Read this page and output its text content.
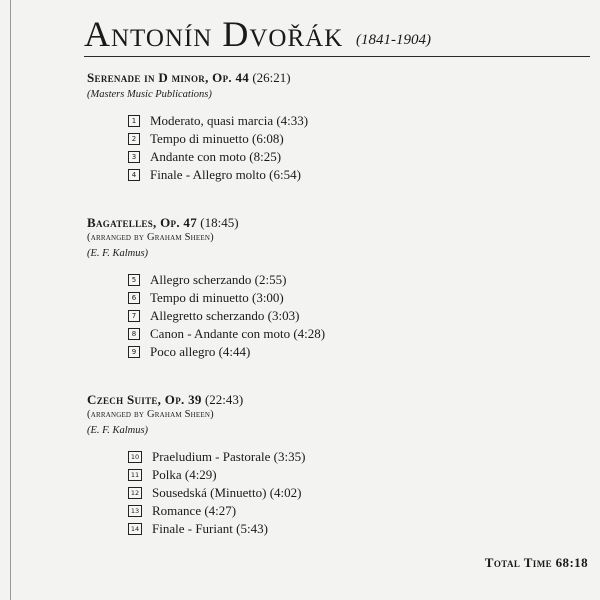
Antonín Dvořák (1841-1904)
Serenade in D minor, Op. 44 (26:21)
(Masters Music Publications)
1 Moderato, quasi marcia (4:33)
2 Tempo di minuetto (6:08)
3 Andante con moto (8:25)
4 Finale - Allegro molto (6:54)
Bagatelles, Op. 47 (18:45)
(arranged by Graham Sheen)
(E. F. Kalmus)
5 Allegro scherzando (2:55)
6 Tempo di minuetto (3:00)
7 Allegretto scherzando (3:03)
8 Canon - Andante con moto (4:28)
9 Poco allegro (4:44)
Czech Suite, Op. 39 (22:43)
(arranged by Graham Sheen)
(E. F. Kalmus)
10 Praeludium - Pastorale (3:35)
11 Polka (4:29)
12 Sousedská (Minuetto) (4:02)
13 Romance (4:27)
14 Finale - Furiant (5:43)
Total Time 68:18
